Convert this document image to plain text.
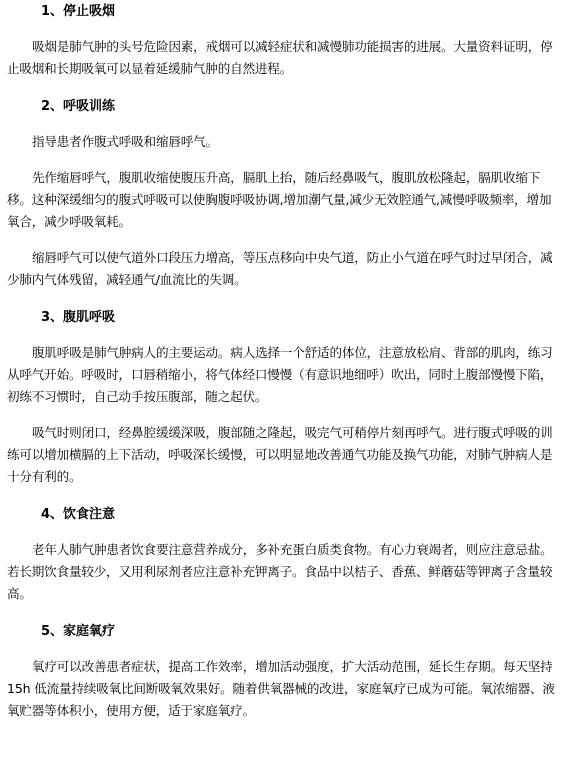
1、停止吸烟

吸烟是肺气肿的头号危险因素，戒烟可以减轻症状和减慢肺功能损害的进展。大量资料证明，停止吸烟和长期吸氧可以显着延缓肺气肿的自然进程。

2、呼吸训练

指导患者作腹式呼吸和缩唇呼气。

先作缩唇呼气，腹肌收缩使腹压升高，膈肌上抬，随后经鼻吸气，腹肌放松隆起，膈肌收缩下移。这种深缓细匀的腹式呼吸可以使胸腹呼吸协调,增加潮气量,减少无效腔通气,减慢呼吸频率，增加氧合，减少呼吸氧耗。

缩唇呼气可以使气道外口段压力增高，等压点移向中央气道，防止小气道在呼气时过早闭合，减少肺内气体残留，减轻通气/血流比的失调。

3、腹肌呼吸

腹肌呼吸是肺气肿病人的主要运动。病人选择一个舒适的体位，注意放松肩、背部的肌肉，练习从呼气开始。呼吸时，口唇稍缩小，将气体经口慢慢（有意识地细呼）吹出，同时上腹部慢慢下陷，初练不习惯时，自己动手按压腹部，随之起伏。

吸气时则闭口，经鼻腔缓缓深吸，腹部随之隆起，吸完气可稍停片刻再呼气。进行腹式呼吸的训练可以增加横膈的上下活动，呼吸深长缓慢，可以明显地改善通气功能及换气功能，对肺气肿病人是十分有利的。

4、饮食注意

老年人肺气肿患者饮食要注意营养成分，多补充蛋白质类食物。有心力衰竭者，则应注意忌盐。若长期饮食量较少，又用利尿剂者应注意补充钾离子。食品中以桔子、香蕉、鲜蘑菇等钾离子含量较高。

5、家庭氧疗

氧疗可以改善患者症状，提高工作效率，增加活动强度，扩大活动范围，延长生存期。每天坚持 15h 低流量持续吸氧比间断吸氧效果好。随着供氧器械的改进，家庭氧疗已成为可能。氧浓缩器、液氧贮器等体积小，使用方便，适于家庭氧疗。
